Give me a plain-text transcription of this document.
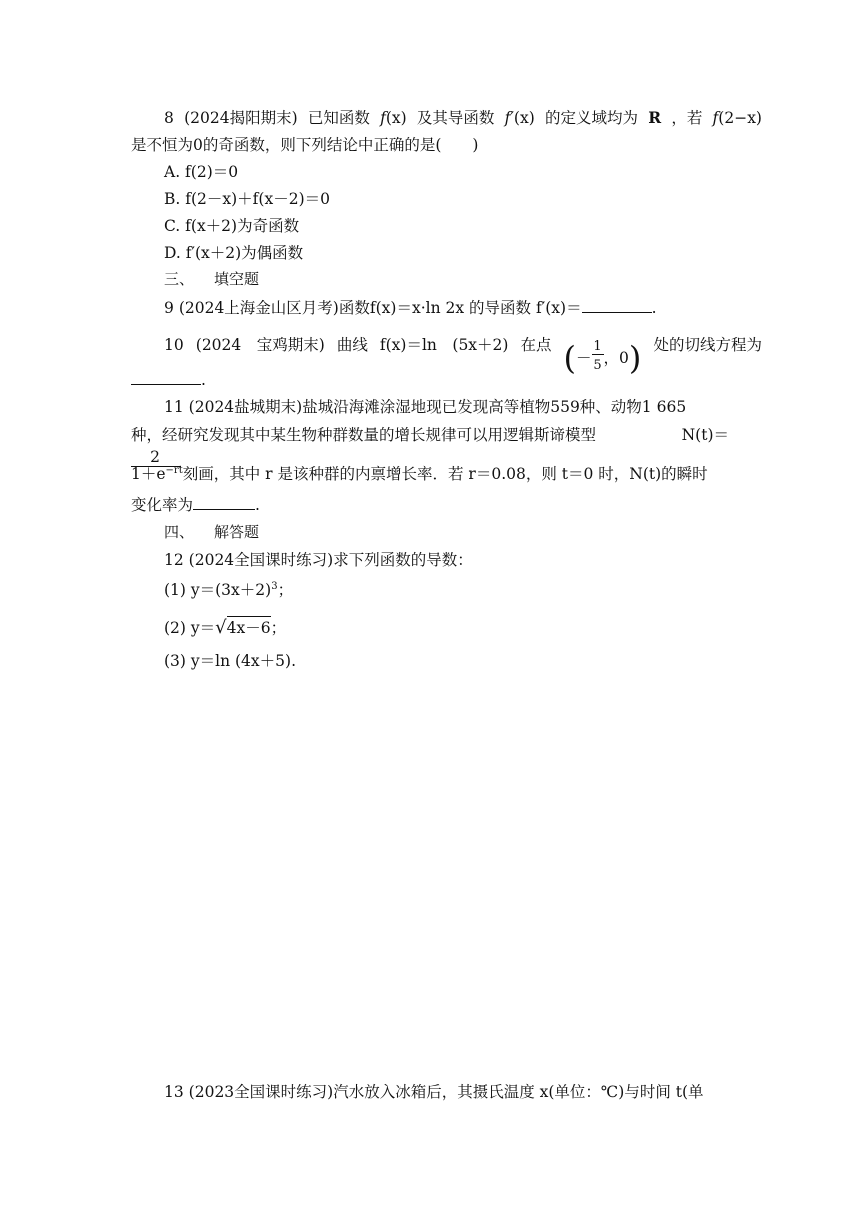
8 (2024揭阳期末) 已知函数 f(x) 及其导函数 f′(x) 的定义域均为 R ，若 f(2−x)
是不恒为0的奇函数，则下列结论中正确的是(　　)
A. f(2)＝0
B. f(2－x)＋f(x－2)＝0
C. f(x＋2)为奇函数
D. f′(x＋2)为偶函数
三、 填空题
9 (2024上海金山区月考)函数f(x)＝x·ln 2x 的导函数 f′(x)＝	.
10 (2024　宝鸡期末) 曲线 f(x)＝ln　(5x＋2) 在点 (－ $\frac{1}{5}$ ，0) 处的切线方程为
.
11 (2024盐城期末)盐城沿海滩涂湿地现已发现高等植物559种、动物1 665
种，经研究发现其中某生物种群数量的增长规律可以用逻辑斯谛模型	N(t)＝
2
$1+e^{-rt}$刻画，其中 r 是该种群的内禀增长率．若 r＝0.08，则 t＝0 时，N(t)的瞬时
变化率为	.
四、 解答题
12 (2024全国课时练习)求下列函数的导数：
(1) $y=(3x+2)^3$；
(2) y＝√4x－6；
(3) y＝ln (4x＋5).
13 (2023全国课时练习)汽水放入冰箱后，其摄氏温度 x(单位：℃)与时间 t(单
